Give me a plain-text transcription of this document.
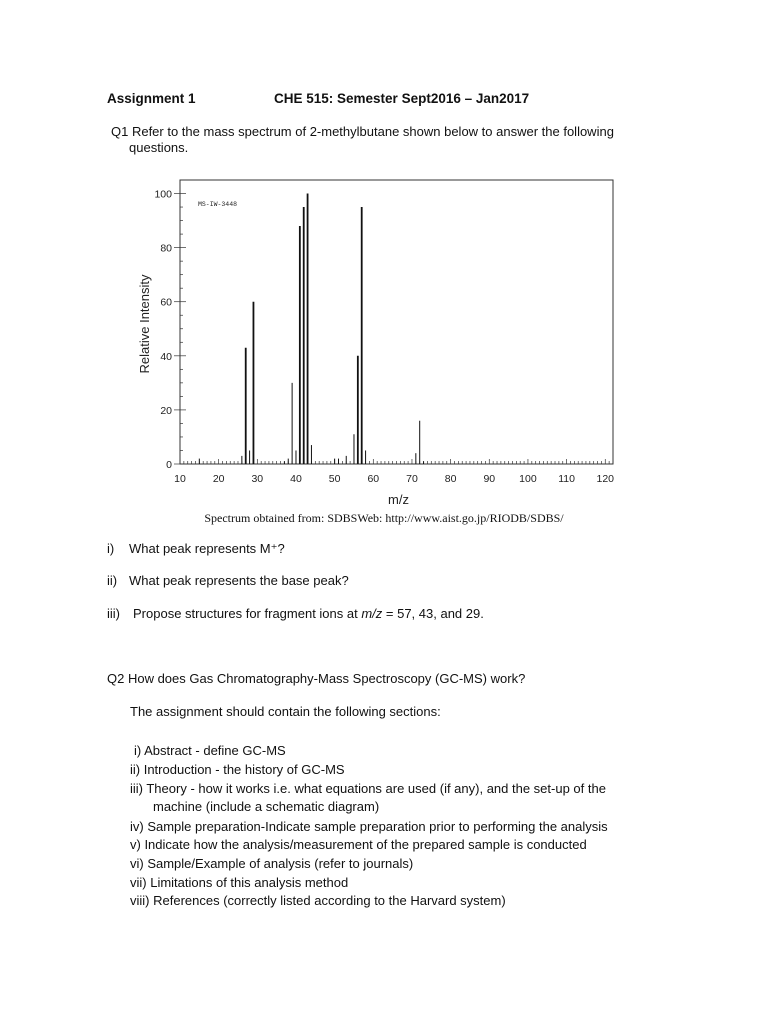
Assignment 1	CHE 515: Semester Sept2016 – Jan2017
Q1 Refer to the mass spectrum of 2-methylbutane shown below to answer the following
questions.
10	20	30	40	50	60	70	80	90 100 110 120
0
20
40
60
80
100
MS-IW-3448
m/z
Relative Intensity
Spectrum obtained from: SDBSWeb: http://www.aist.go.jp/RIODB/SDBS/
i) What peak represents M⁺?
ii) What peak represents the base peak?
iii) Propose structures for fragment ions at m/z = 57, 43, and 29.
Q2 How does Gas Chromatography-Mass Spectroscopy (GC-MS) work?
The assignment should contain the following sections:
i) Abstract - define GC-MS
ii) Introduction - the history of GC-MS
iii) Theory - how it works i.e. what equations are used (if any), and the set-up of the
machine (include a schematic diagram)
iv) Sample preparation-Indicate sample preparation prior to performing the analysis
v) Indicate how the analysis/measurement of the prepared sample is conducted
vi) Sample/Example of analysis (refer to journals)
vii) Limitations of this analysis method
viii) References (correctly listed according to the Harvard system)
